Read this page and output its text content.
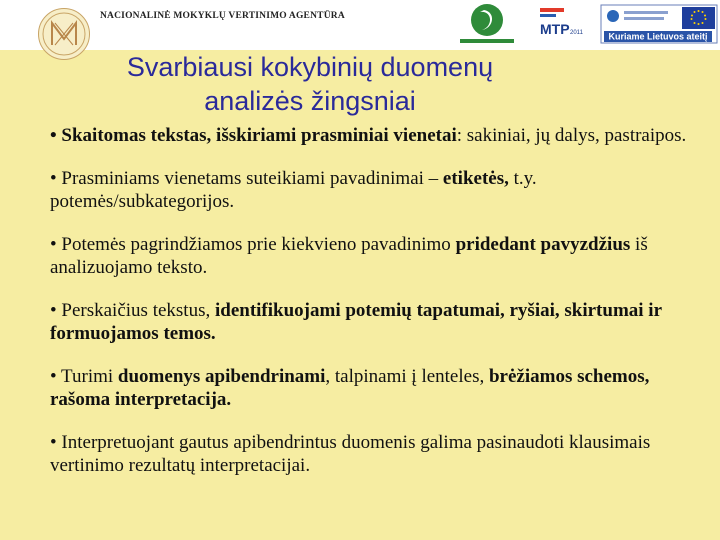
NACIONALINĖ MOKYKLŲ VERTINIMO AGENTŪRA
MTP 2011	Kuriame Lietuvos ateitį
Svarbiausi kokybinių duomenų
analizės žingsniai
• Skaitomas tekstas, išskiriami prasminiai vienetai: sakiniai, jų dalys, pastraipos.
• Prasminiams vienetams suteikiami pavadinimai – etiketės, t.y. potemės/subkategorijos.
• Potemės pagrindžiamos prie kiekvieno pavadinimo pridedant pavyzdžius iš analizuojamo teksto.
• Perskaičius tekstus, identifikuojami potemių tapatumai, ryšiai, skirtumai ir formuojamos temos.
• Turimi duomenys apibendrinami, talpinami į lenteles, brėžiamos schemos, rašoma interpretacija.
• Interpretuojant gautus apibendrintus duomenis galima pasinaudoti klausimais vertinimo rezultatų interpretacijai.
